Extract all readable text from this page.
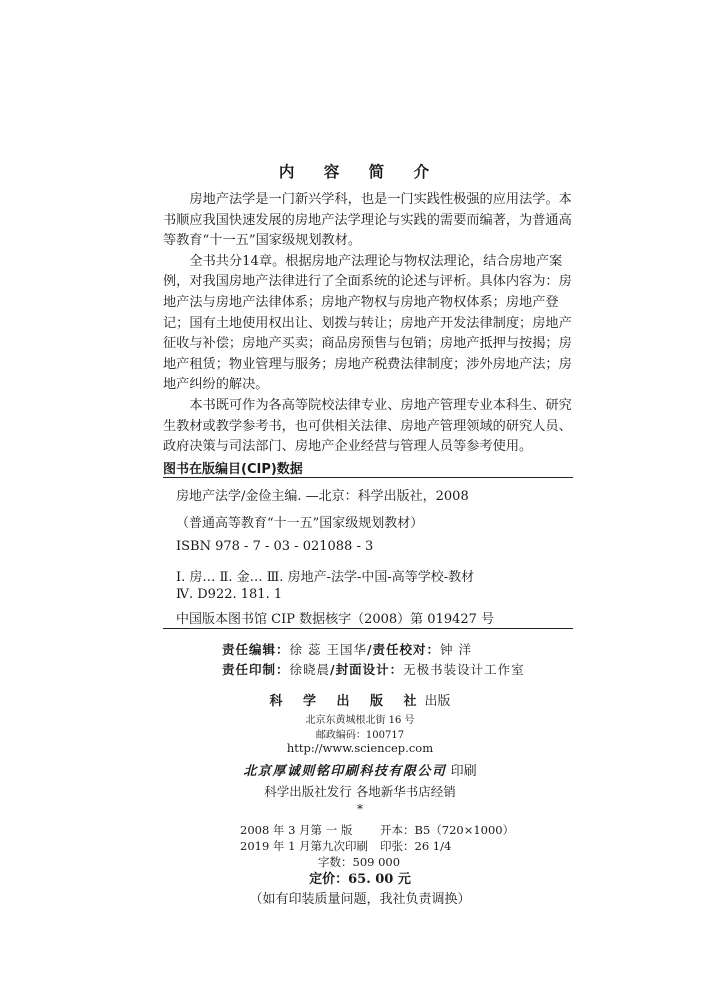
内 容 简 介

房地产法学是一门新兴学科，也是一门实践性极强的应用法学。本书顺应我国快速发展的房地产法学理论与实践的需要而编著，为普通高等教育“十一五”国家级规划教材。

全书共分14章。根据房地产法理论与物权法理论，结合房地产案例，对我国房地产法律进行了全面系统的论述与评析。具体内容为：房地产法与房地产法律体系；房地产物权与房地产物权体系；房地产登记；国有土地使用权出让、划拨与转让；房地产开发法律制度；房地产征收与补偿；房地产买卖；商品房预售与包销；房地产抵押与按揭；房地产租赁；物业管理与服务；房地产税费法律制度；涉外房地产法；房地产纠纷的解决。

本书既可作为各高等院校法律专业、房地产管理专业本科生、研究生教材或教学参考书，也可供相关法律、房地产管理领域的研究人员、政府决策与司法部门、房地产企业经营与管理人员等参考使用。

图书在版编目(CIP)数据
房地产法学/金俭主编. —北京：科学出版社，2008
（普通高等教育“十一五”国家级规划教材）
ISBN 978 - 7 - 03 - 021088 - 3
Ⅰ. 房… Ⅱ. 金… Ⅲ. 房地产-法学-中国-高等学校-教材
Ⅳ. D922. 181. 1
中国版本图书馆 CIP 数据核字（2008）第 019427 号
责任编辑：徐 蕊 王国华/责任校对：钟 洋
责任印制：徐晓晨/封面设计：无极书装设计工作室
科 学 出 版 社出版
北京东黄城根北街 16 号
邮政编码：100717
http://www.sciencep.com
北京厚诚则铭印刷科技有限公司 印刷
科学出版社发行 各地新华书店经销
*
2008 年 3 月第 一 版 开本：B5（720×1000）
2019 年 1 月第九次印刷 印张：26 1/4
字数：509 000
定价：65. 00 元
（如有印装质量问题，我社负责调换）
